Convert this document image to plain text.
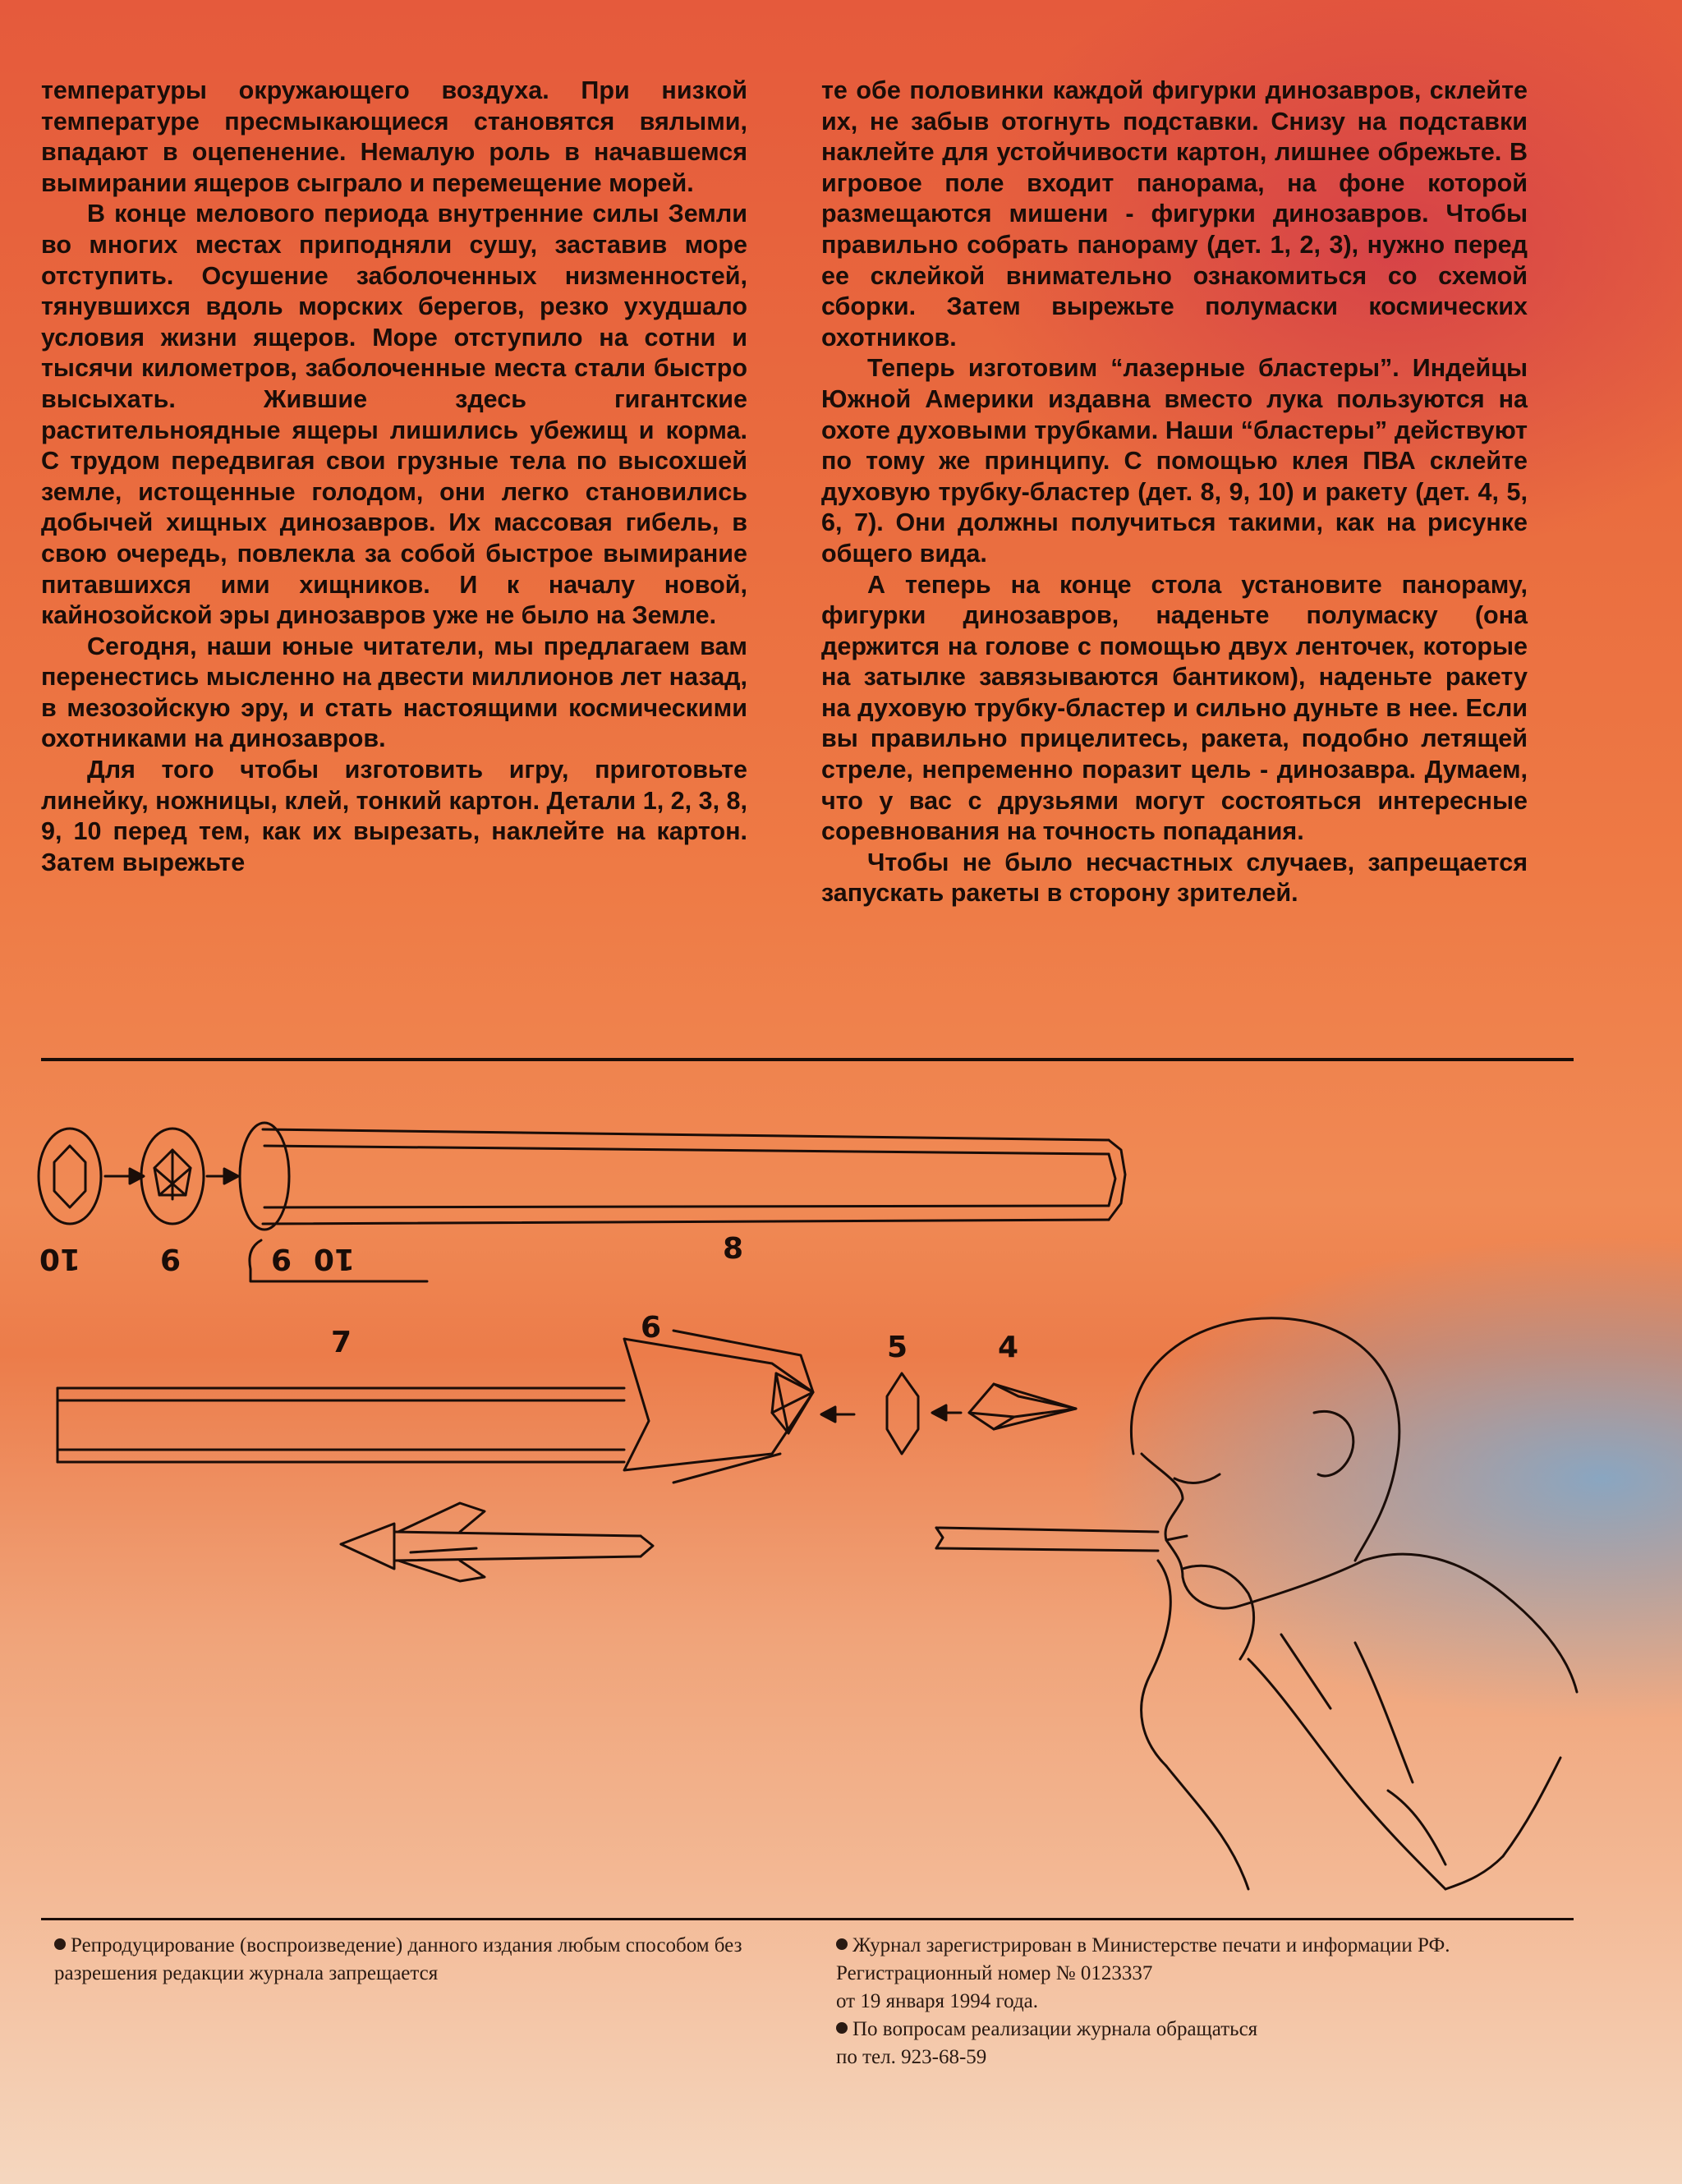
температуры окружающего воздуха. При низкой температуре пресмыкающиеся становятся вялыми, впадают в оцепенение. Немалую роль в начавшемся вымирании ящеров сыграло и перемещение морей.

В конце мелового периода внутренние силы Земли во многих местах приподняли сушу, заставив море отступить. Осушение заболоченных низменностей, тянувшихся вдоль морских берегов, резко ухудшало условия жизни ящеров. Море отступило на сотни и тысячи километров, заболоченные места стали быстро высыхать. Жившие здесь гигантские растительноядные ящеры лишились убежищ и корма. С трудом передвигая свои грузные тела по высохшей земле, истощенные голодом, они легко становились добычей хищных динозавров. Их массовая гибель, в свою очередь, повлекла за собой быстрое вымирание питавшихся ими хищников. И к началу новой, кайнозойской эры динозавров уже не было на Земле.

Сегодня, наши юные читатели, мы предлагаем вам перенестись мысленно на двести миллионов лет назад, в мезозойскую эру, и стать настоящими космическими охотниками на динозавров.

Для того чтобы изготовить игру, приготовьте линейку, ножницы, клей, тонкий картон. Детали 1, 2, 3, 8, 9, 10 перед тем, как их вырезать, наклейте на картон. Затем вырежьте

те обе половинки каждой фигурки динозавров, склейте их, не забыв отогнуть подставки. Снизу на подставки наклейте для устойчивости картон, лишнее обрежьте. В игровое поле входит панорама, на фоне которой размещаются мишени - фигурки динозавров. Чтобы правильно собрать панораму (дет. 1, 2, 3), нужно перед ее склейкой внимательно ознакомиться со схемой сборки. Затем вырежьте полумаски космических охотников.

Теперь изготовим “лазерные бластеры”. Индейцы Южной Америки издавна вместо лука пользуются на охоте духовыми трубками. Наши “бластеры” действуют по тому же принципу. С помощью клея ПВА склейте духовую трубку-бластер (дет. 8, 9, 10) и ракету (дет. 4, 5, 6, 7). Они должны получиться такими, как на рисунке общего вида.

А теперь на конце стола установите панораму, фигурки динозавров, наденьте полумаску (она держится на голове с помощью двух ленточек, которые на затылке завязываются бантиком), наденьте ракету на духовую трубку-бластер и сильно дуньте в нее. Если вы правильно прицелитесь, ракета, подобно летящей стреле, непременно поразит цель - динозавра. Думаем, что у вас с друзьями могут состояться интересные соревнования на точность попадания.

Чтобы не было несчастных случаев, запрещается запускать ракеты в сторону зрителей.

10	9	9 10	8
7	6
5	4

Репродуцирование (воспроизведение) данного издания любым способом без разрешения редакции журнала запрещается

Журнал зарегистрирован в Министерстве печати и информации РФ. Регистрационный номер № 0123337

от 19 января 1994 года.

По вопросам реализации журнала обращаться

по тел. 923-68-59
